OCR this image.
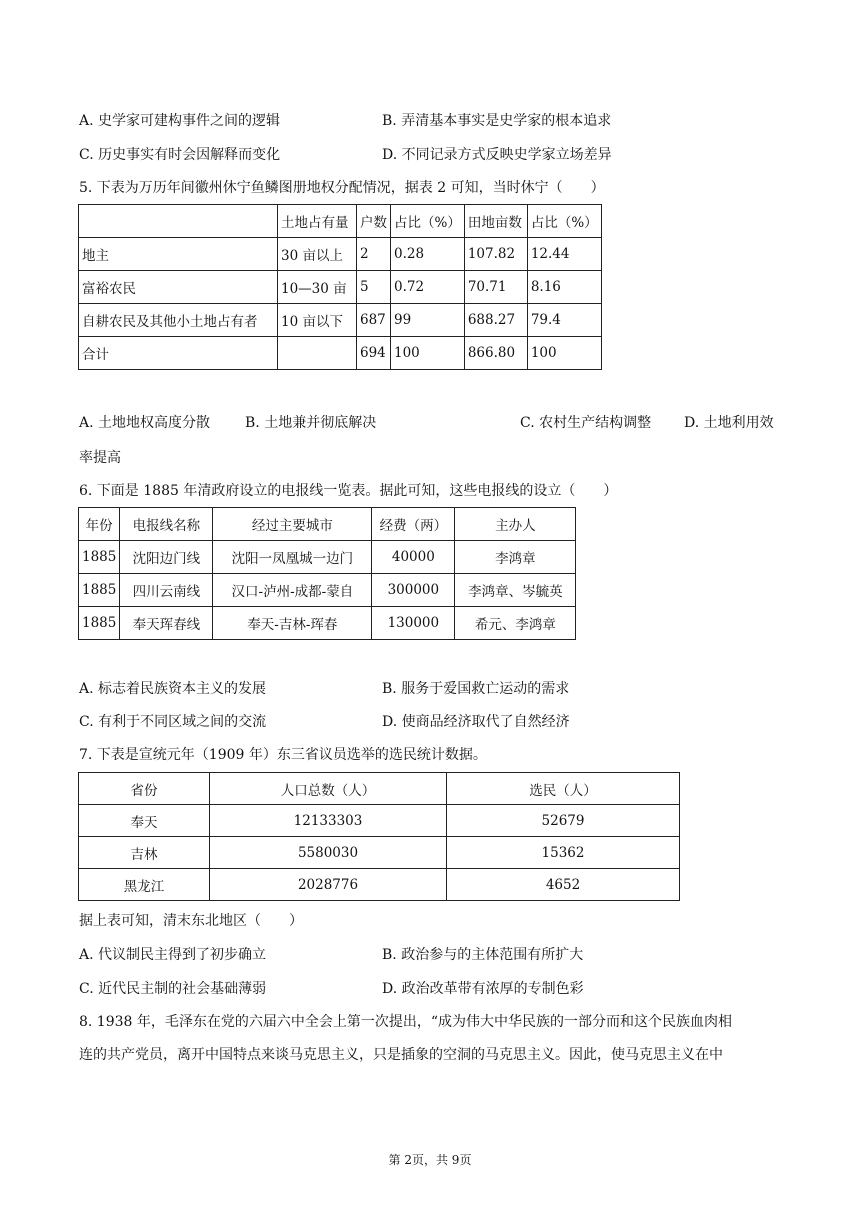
A. 史学家可建构事件之间的逻辑	B. 弄清基本事实是史学家的根本追求
C. 历史事实有时会因解释而变化	D. 不同记录方式反映史学家立场差异
5. 下表为万历年间徽州休宁鱼鳞图册地权分配情况，据表 2 可知，当时休宁（　　）
	土地占有量	户数	占比（%）	田地亩数	占比（%）
地主	30 亩以上	2	0.28	107.82	12.44
富裕农民	10—30 亩	5	0.72	70.71	8.16
自耕农民及其他小土地占有者	10 亩以下	687	99	688.27	79.4
合计		694	100	866.80	100
A. 土地地权高度分散 B. 土地兼并彻底解决	C. 农村生产结构调整 D. 土地利用效
率提高
6. 下面是 1885 年清政府设立的电报线一览表。据此可知，这些电报线的设立（　　）
年份	电报线名称	经过主要城市	经费（两）	主办人
1885	沈阳边门线	沈阳一凤凰城一边门	40000	李鸿章
1885	四川云南线	汉口-泸州-成都-蒙自	300000	李鸿章、岑毓英
1885	奉天珲春线	奉天-吉林-珲春	130000	希元、李鸿章
A. 标志着民族资本主义的发展	B. 服务于爱国救亡运动的需求
C. 有利于不同区域之间的交流	D. 使商品经济取代了自然经济
7. 下表是宣统元年（1909 年）东三省议员选举的选民统计数据。
省份	人口总数（人）	选民（人）
奉天	12133303	52679
吉林	5580030	15362
黑龙江	2028776	4652
据上表可知，清末东北地区（　　）
A. 代议制民主得到了初步确立	B. 政治参与的主体范围有所扩大
C. 近代民主制的社会基础薄弱	D. 政治改革带有浓厚的专制色彩
8. 1938 年，毛泽东在党的六届六中全会上第一次提出，“成为伟大中华民族的一部分而和这个民族血肉相
连的共产党员，离开中国特点来谈马克思主义，只是插象的空洞的马克思主义。因此，使马克思主义在中
第 2页，共 9页
